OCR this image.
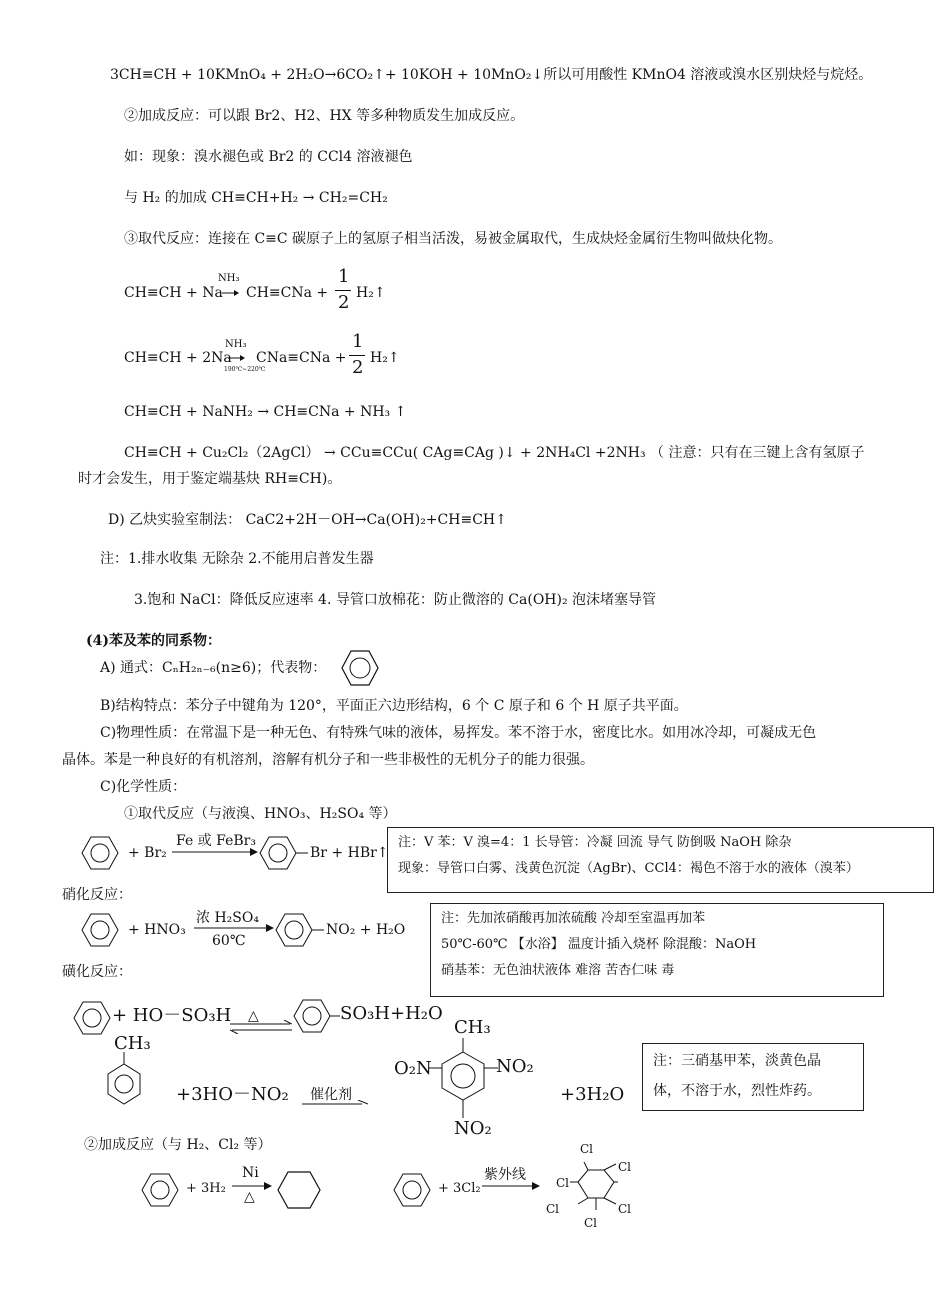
3CH≡CH + 10KMnO₄ + 2H₂O→6CO₂↑+ 10KOH + 10MnO₂↓所以可用酸性 KMnO4 溶液或溴水区别炔烃与烷烃。
②加成反应：可以跟 Br2、H2、HX 等多种物质发生加成反应。
如：现象：溴水褪色或 Br2 的 CCl4 溶液褪色
与 H₂ 的加成 CH≡CH+H₂ → CH₂=CH₂
③取代反应：连接在 C≡C 碳原子上的氢原子相当活泼，易被金属取代，生成炔烃金属衍生物叫做炔化物。
CH≡CH + Na
NH₃
→ CH≡CNa +
1
2 H₂↑
CH≡CH + 2Na
NH₃
190℃~220℃
CNa≡CNa +
1
2 H₂↑
CH≡CH + NaNH₂ → CH≡CNa + NH₃ ↑
CH≡CH + Cu₂Cl₂（2AgCl） → CCu≡CCu( CAg≡CAg )↓ + 2NH₄Cl +2NH₃ （ 注意：只有在三键上含有氢原子
时才会发生，用于鉴定端基炔 RH≡CH)。
D) 乙炔实验室制法： CaC2+2H－OH→Ca(OH)₂+CH≡CH↑
注：1.排水收集 无除杂 2.不能用启普发生器
3.饱和 NaCl：降低反应速率 4. 导管口放棉花：防止微溶的 Ca(OH)₂ 泡沫堵塞导管
(4)苯及苯的同系物：
A) 通式：CₙH₂ₙ₋₆(n≥6)；代表物：
B)结构特点：苯分子中键角为 120°，平面正六边形结构，6 个 C 原子和 6 个 H 原子共平面。
C)物理性质：在常温下是一种无色、有特殊气味的液体，易挥发。苯不溶于水，密度比水。如用冰冷却，可凝成无色
晶体。苯是一种良好的有机溶剂，溶解有机分子和一些非极性的无机分子的能力很强。
C)化学性质：
①取代反应（与液溴、HNO₃、H₂SO₄ 等）
+ Br₂
Fe 或 FeBr₃
Br + HBr↑
注：V 苯：V 溴=4：1 长导管：冷凝 回流 导气 防倒吸 NaOH 除杂
现象：导管口白雾、浅黄色沉淀（AgBr)、CCl4：褐色不溶于水的液体（溴苯）
硝化反应：
+ HNO₃
浓 H₂SO₄
60℃
NO₂ + H₂O
注：先加浓硝酸再加浓硫酸 冷却至室温再加苯
50℃-60℃ 【水浴】 温度计插入烧杯 除混酸：NaOH
硝基苯：无色油状液体 难溶 苦杏仁味 毒
磺化反应：
+ HO－SO₃H △	SO₃H+H₂O
CH₃
+3HO－NO₂ 催化剂
CH₃
O₂N	NO₂
NO₂
+3H₂O
注：三硝基甲苯，淡黄色晶
体，不溶于水，烈性炸药。
②加成反应（与 H₂、Cl₂ 等）
+ 3H₂
Ni
△
+ 3Cl₂
紫外线
Cl
Cl
Cl
Cl	Cl
Cl
